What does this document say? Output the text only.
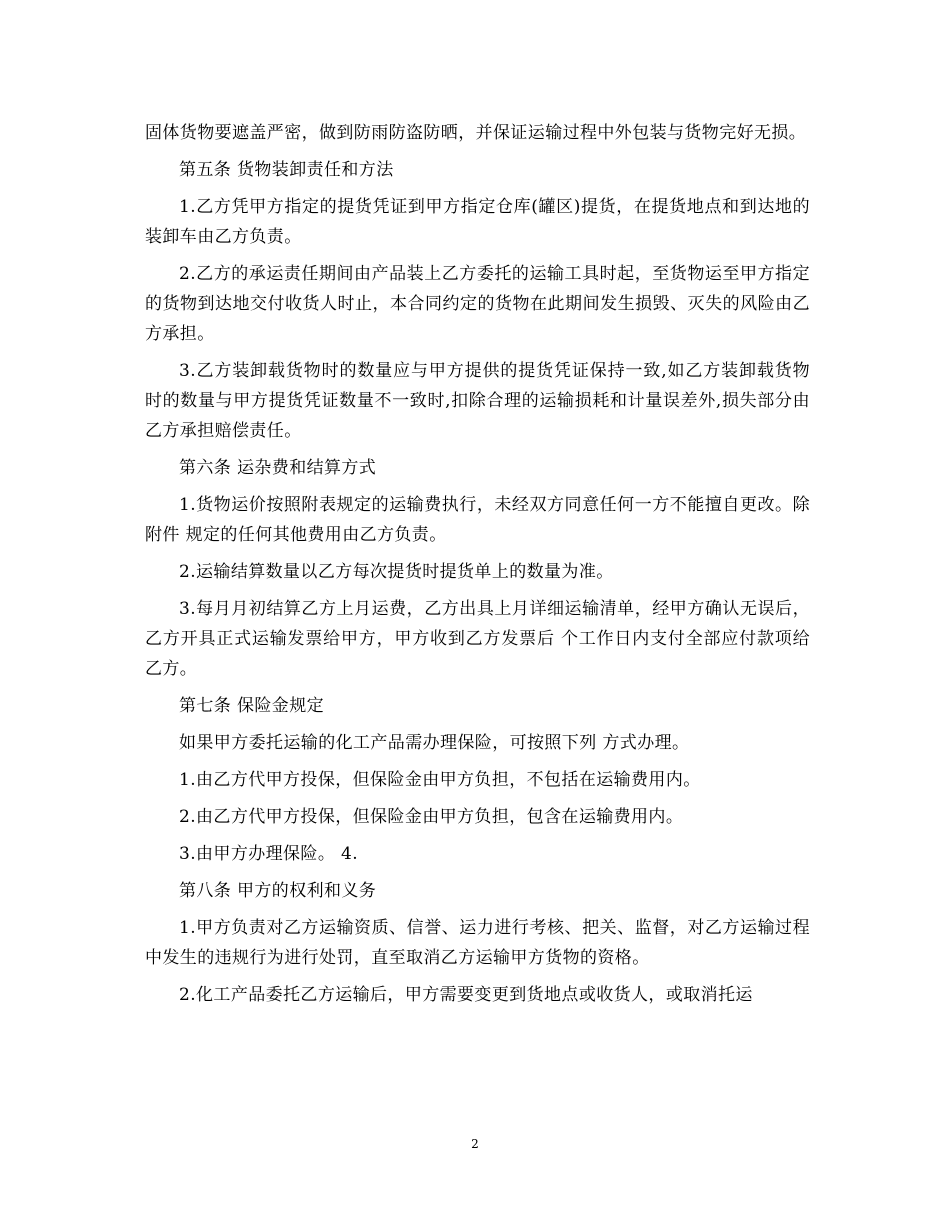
固体货物要遮盖严密，做到防雨防盗防晒，并保证运输过程中外包装与货物完好无损。

第五条 货物装卸责任和方法

1.乙方凭甲方指定的提货凭证到甲方指定仓库(罐区)提货，在提货地点和到达地的装卸车由乙方负责。

2.乙方的承运责任期间由产品装上乙方委托的运输工具时起，至货物运至甲方指定的货物到达地交付收货人时止，本合同约定的货物在此期间发生损毁、灭失的风险由乙方承担。

3.乙方装卸载货物时的数量应与甲方提供的提货凭证保持一致,如乙方装卸载货物时的数量与甲方提货凭证数量不一致时,扣除合理的运输损耗和计量误差外,损失部分由乙方承担赔偿责任。

第六条 运杂费和结算方式

1.货物运价按照附表规定的运输费执行，未经双方同意任何一方不能擅自更改。除附件 规定的任何其他费用由乙方负责。

2.运输结算数量以乙方每次提货时提货单上的数量为准。

3.每月月初结算乙方上月运费，乙方出具上月详细运输清单，经甲方确认无误后，乙方开具正式运输发票给甲方，甲方收到乙方发票后 个工作日内支付全部应付款项给乙方。

第七条 保险金规定

如果甲方委托运输的化工产品需办理保险，可按照下列 方式办理。

1.由乙方代甲方投保，但保险金由甲方负担，不包括在运输费用内。

2.由乙方代甲方投保，但保险金由甲方负担，包含在运输费用内。

3.由甲方办理保险。 4.

第八条 甲方的权利和义务

1.甲方负责对乙方运输资质、信誉、运力进行考核、把关、监督，对乙方运输过程中发生的违规行为进行处罚，直至取消乙方运输甲方货物的资格。

2.化工产品委托乙方运输后，甲方需要变更到货地点或收货人，或取消托运

2
